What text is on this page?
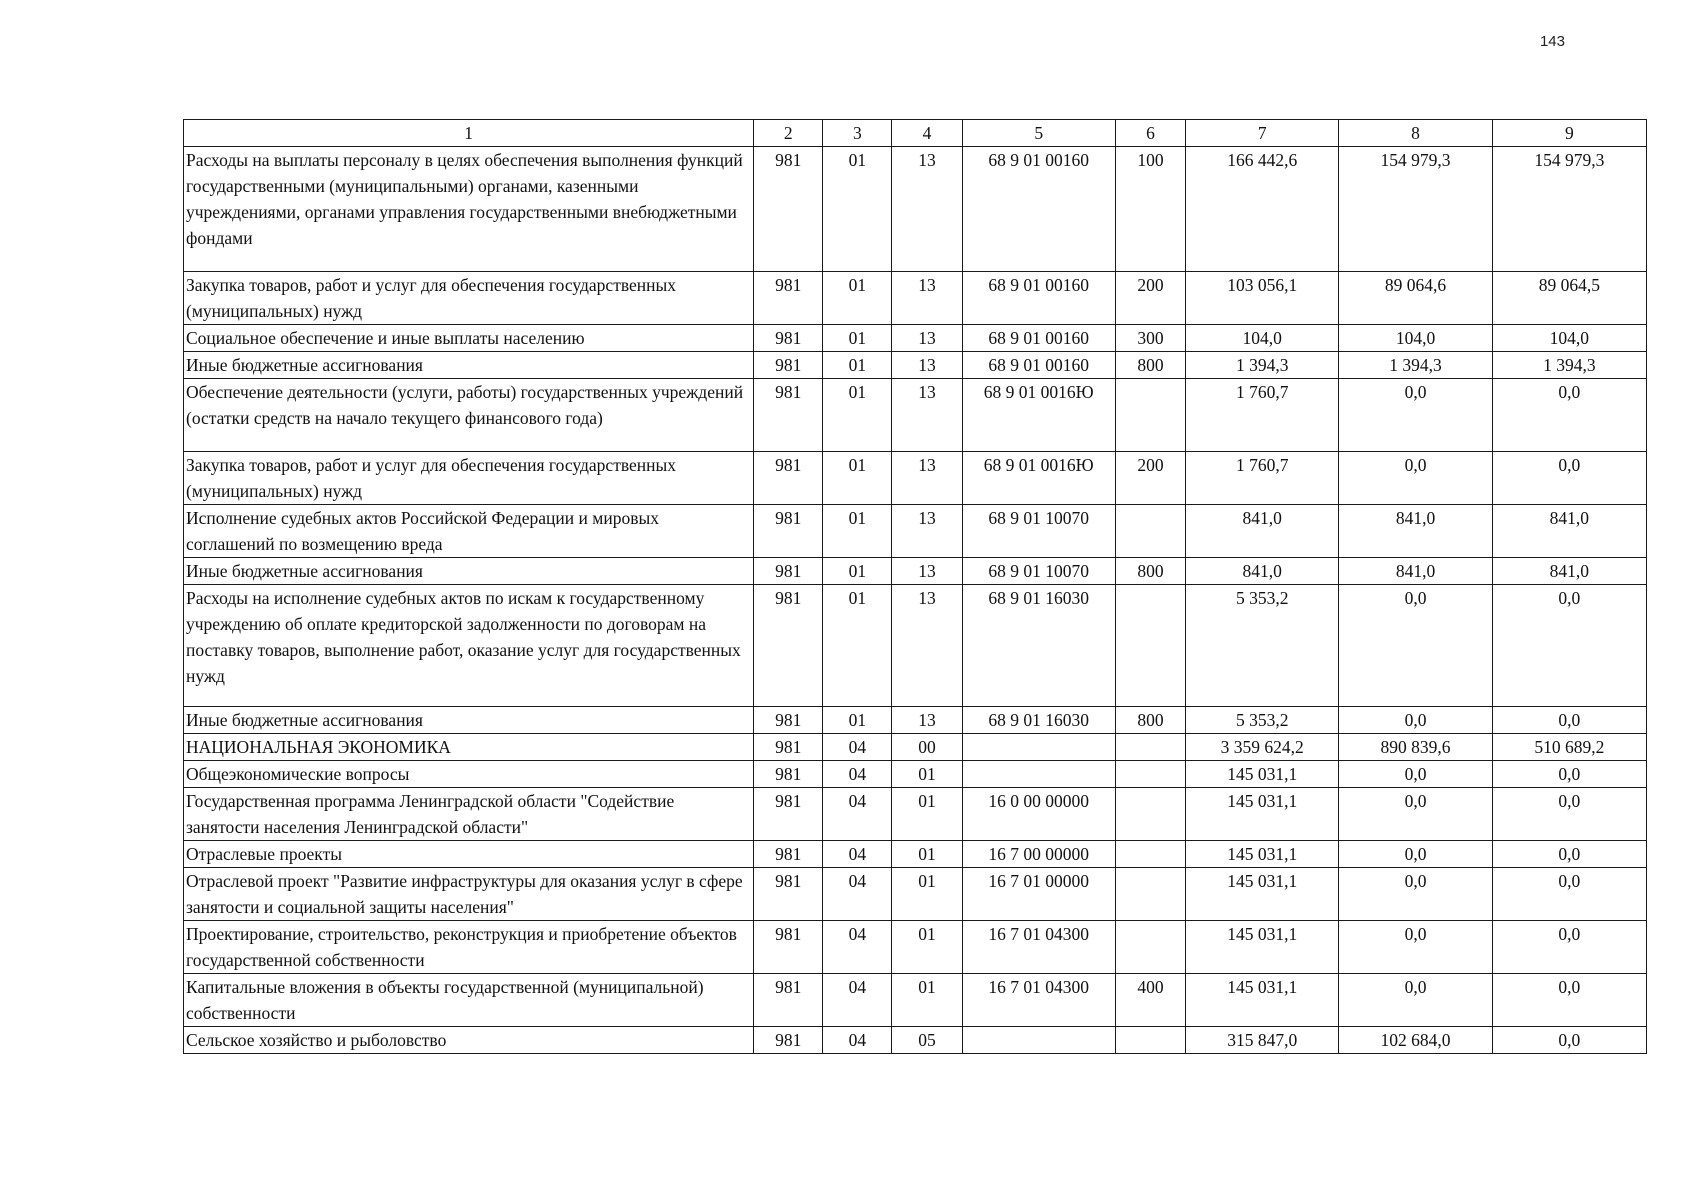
143
1	2	3	4	5	6	7	8	9
Расходы на выплаты персоналу в целях обеспечения выполнения функций государственными (муниципальными) органами, казенными учреждениями, органами управления государственными внебюджетными фондами	981	01	13	68 9 01 00160	100	166 442,6	154 979,3	154 979,3
Закупка товаров, работ и услуг для обеспечения государственных (муниципальных) нужд	981	01	13	68 9 01 00160	200	103 056,1	89 064,6	89 064,5
Социальное обеспечение и иные выплаты населению	981	01	13	68 9 01 00160	300	104,0	104,0	104,0
Иные бюджетные ассигнования	981	01	13	68 9 01 00160	800	1 394,3	1 394,3	1 394,3
Обеспечение деятельности (услуги, работы) государственных учреждений (остатки средств на начало текущего финансового года)	981	01	13	68 9 01 0016Ю		1 760,7	0,0	0,0
Закупка товаров, работ и услуг для обеспечения государственных (муниципальных) нужд	981	01	13	68 9 01 0016Ю	200	1 760,7	0,0	0,0
Исполнение судебных актов Российской Федерации и мировых соглашений по возмещению вреда	981	01	13	68 9 01 10070		841,0	841,0	841,0
Иные бюджетные ассигнования	981	01	13	68 9 01 10070	800	841,0	841,0	841,0
Расходы на исполнение судебных актов по искам к государственному учреждению об оплате кредиторской задолженности по договорам на поставку товаров, выполнение работ, оказание услуг для государственных нужд	981	01	13	68 9 01 16030		5 353,2	0,0	0,0
Иные бюджетные ассигнования	981	01	13	68 9 01 16030	800	5 353,2	0,0	0,0
НАЦИОНАЛЬНАЯ ЭКОНОМИКА	981	04	00			3 359 624,2	890 839,6	510 689,2
Общеэкономические вопросы	981	04	01			145 031,1	0,0	0,0
Государственная программа Ленинградской области "Содействие занятости населения Ленинградской области"	981	04	01	16 0 00 00000		145 031,1	0,0	0,0
Отраслевые проекты	981	04	01	16 7 00 00000		145 031,1	0,0	0,0
Отраслевой проект "Развитие инфраструктуры для оказания услуг в сфере занятости и социальной защиты населения"	981	04	01	16 7 01 00000		145 031,1	0,0	0,0
Проектирование, строительство, реконструкция и приобретение объектов государственной собственности	981	04	01	16 7 01 04300		145 031,1	0,0	0,0
Капитальные вложения в объекты государственной (муниципальной) собственности	981	04	01	16 7 01 04300	400	145 031,1	0,0	0,0
Сельское хозяйство и рыболовство	981	04	05			315 847,0	102 684,0	0,0
